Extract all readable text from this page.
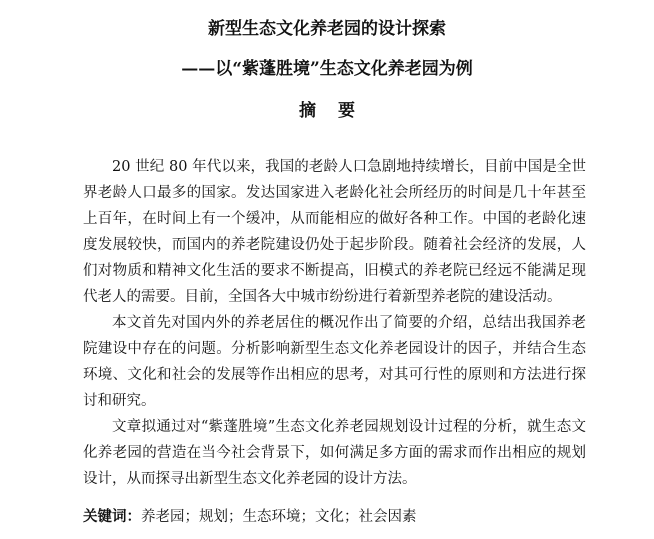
新型生态文化养老园的设计探索
——以“紫蓬胜境”生态文化养老园为例
摘要

20 世纪 80 年代以来，我国的老龄人口急剧地持续增长，目前中国是全世界老龄人口最多的国家。发达国家进入老龄化社会所经历的时间是几十年甚至上百年，在时间上有一个缓冲，从而能相应的做好各种工作。中国的老龄化速度发展较快，而国内的养老院建设仍处于起步阶段。随着社会经济的发展，人们对物质和精神文化生活的要求不断提高，旧模式的养老院已经远不能满足现代老人的需要。目前，全国各大中城市纷纷进行着新型养老院的建设活动。

本文首先对国内外的养老居住的概况作出了简要的介绍，总结出我国养老院建设中存在的问题。分析影响新型生态文化养老园设计的因子，并结合生态环境、文化和社会的发展等作出相应的思考，对其可行性的原则和方法进行探讨和研究。

文章拟通过对“紫蓬胜境”生态文化养老园规划设计过程的分析，就生态文化养老园的营造在当今社会背景下，如何满足多方面的需求而作出相应的规划设计，从而探寻出新型生态文化养老园的设计方法。

关键词：养老园；规划；生态环境；文化；社会因素
